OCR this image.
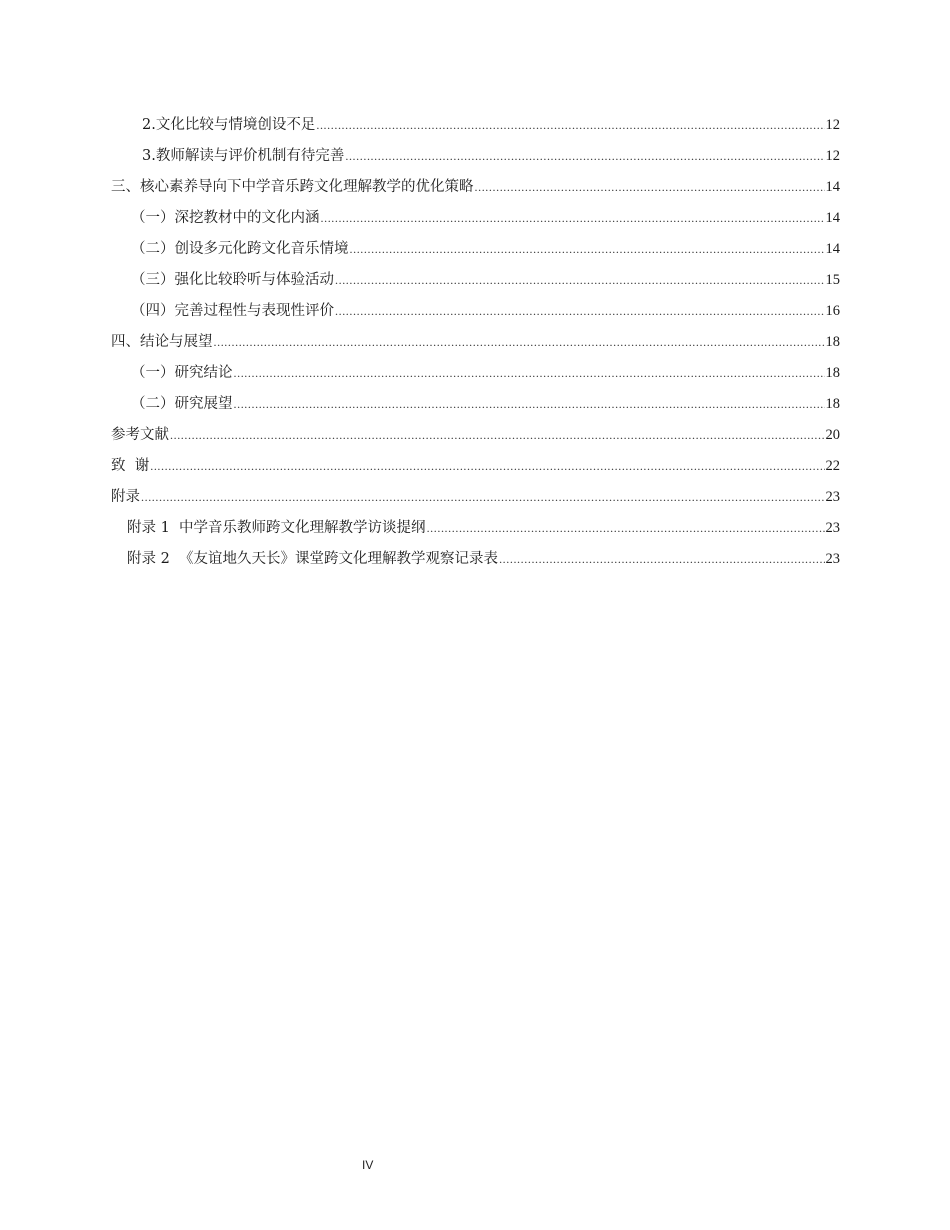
2.文化比较与情境创设不足 .....	12
3.教师解读与评价机制有待完善 .....	12
三、核心素养导向下中学音乐跨文化理解教学的优化策略 .....	14
（一）深挖教材中的文化内涵 .....	14
（二）创设多元化跨文化音乐情境 .....	14
（三）强化比较聆听与体验活动 .....	15
（四）完善过程性与表现性评价 .....	16
四、结论与展望 .....	18
（一）研究结论 .....	18
（二）研究展望 .....	18
参考文献 .....	20
致  谢 .....	22
附录 .....	23
附录 1  中学音乐教师跨文化理解教学访谈提纲 .....	23
附录 2  《友谊地久天长》课堂跨文化理解教学观察记录表 .....	23
IV
